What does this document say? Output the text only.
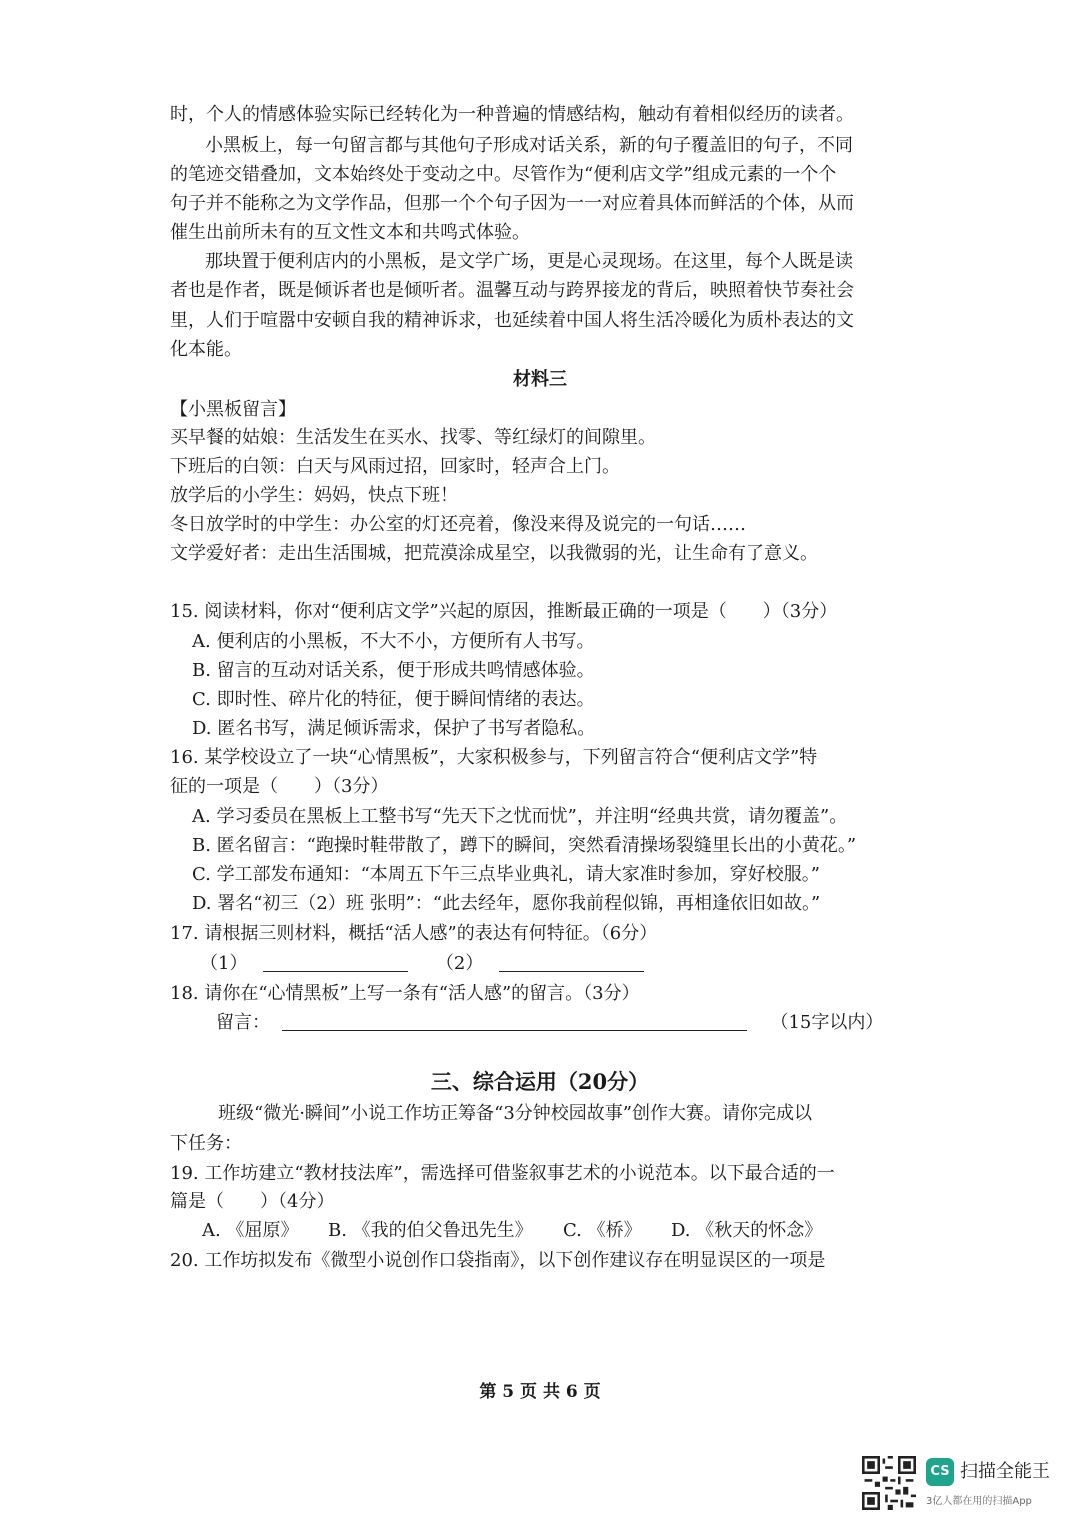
时，个人的情感体验实际已经转化为一种普遍的情感结构，触动有着相似经历的读者。
小黑板上，每一句留言都与其他句子形成对话关系，新的句子覆盖旧的句子，不同
的笔迹交错叠加，文本始终处于变动之中。尽管作为“便利店文学”组成元素的一个个
句子并不能称之为文学作品，但那一个个句子因为一一对应着具体而鲜活的个体，从而
催生出前所未有的互文性文本和共鸣式体验。
那块置于便利店内的小黑板，是文学广场，更是心灵现场。在这里，每个人既是读
者也是作者，既是倾诉者也是倾听者。温馨互动与跨界接龙的背后，映照着快节奏社会
里，人们于喧嚣中安顿自我的精神诉求，也延续着中国人将生活冷暖化为质朴表达的文
化本能。
材料三
【小黑板留言】
买早餐的姑娘：生活发生在买水、找零、等红绿灯的间隙里。
下班后的白领：白天与风雨过招，回家时，轻声合上门。
放学后的小学生：妈妈，快点下班！
冬日放学时的中学生：办公室的灯还亮着，像没来得及说完的一句话……
文学爱好者：走出生活围城，把荒漠涂成星空，以我微弱的光，让生命有了意义。
15. 阅读材料，你对“便利店文学”兴起的原因，推断最正确的一项是（　　）（3分）
A. 便利店的小黑板，不大不小，方便所有人书写。
B. 留言的互动对话关系，便于形成共鸣情感体验。
C. 即时性、碎片化的特征，便于瞬间情绪的表达。
D. 匿名书写，满足倾诉需求，保护了书写者隐私。
16. 某学校设立了一块“心情黑板”，大家积极参与，下列留言符合“便利店文学”特
征的一项是（　　）（3分）
A. 学习委员在黑板上工整书写“先天下之忧而忧”，并注明“经典共赏，请勿覆盖”。
B. 匿名留言：“跑操时鞋带散了，蹲下的瞬间，突然看清操场裂缝里长出的小黄花。”
C. 学工部发布通知：“本周五下午三点毕业典礼，请大家准时参加，穿好校服。”
D. 署名“初三（2）班 张明”：“此去经年，愿你我前程似锦，再相逢依旧如故。”
17. 请根据三则材料，概括“活人感”的表达有何特征。（6分）
（1）	（2）
18. 请你在“心情黑板”上写一条有“活人感”的留言。（3分）
留言：	（15字以内）
三、综合运用（20分）
班级“微光·瞬间”小说工作坊正筹备“3分钟校园故事”创作大赛。请你完成以
下任务：
19. 工作坊建立“教材技法库”，需选择可借鉴叙事艺术的小说范本。以下最合适的一
篇是（　　）（4分）
A. 《屈原》 B. 《我的伯父鲁迅先生》 C. 《桥》 D. 《秋天的怀念》
20. 工作坊拟发布《微型小说创作口袋指南》，以下创作建议存在明显误区的一项是
第 5 页 共 6 页
CS 扫描全能王
3亿人都在用的扫描App
